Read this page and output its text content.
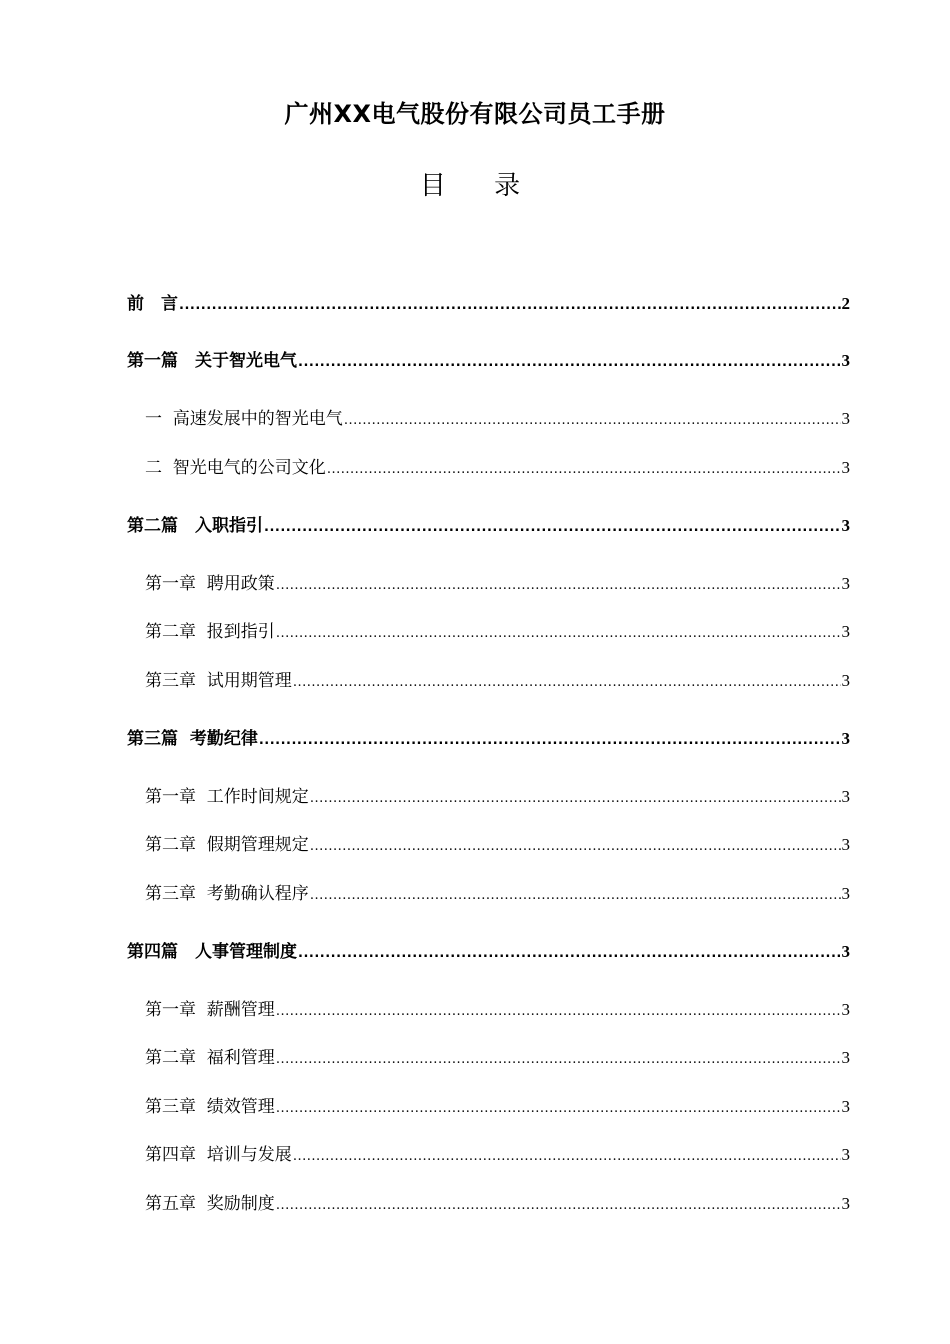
广州XX电气股份有限公司员工手册
目 录
前　言 .....	2
第一篇　关于智光电气 .....	3
一  高速发展中的智光电气 .....	3
二  智光电气的公司文化 .....	3
第二篇　入职指引 .....	3
第一章  聘用政策 .....	3
第二章  报到指引 .....	3
第三章  试用期管理 .....	3
第三篇  考勤纪律 .....	3
第一章  工作时间规定 .....	3
第二章  假期管理规定 .....	3
第三章  考勤确认程序 .....	3
第四篇　人事管理制度 .....	3
第一章  薪酬管理 .....	3
第二章  福利管理 .....	3
第三章  绩效管理 .....	3
第四章  培训与发展 .....	3
第五章  奖励制度 .....	3
